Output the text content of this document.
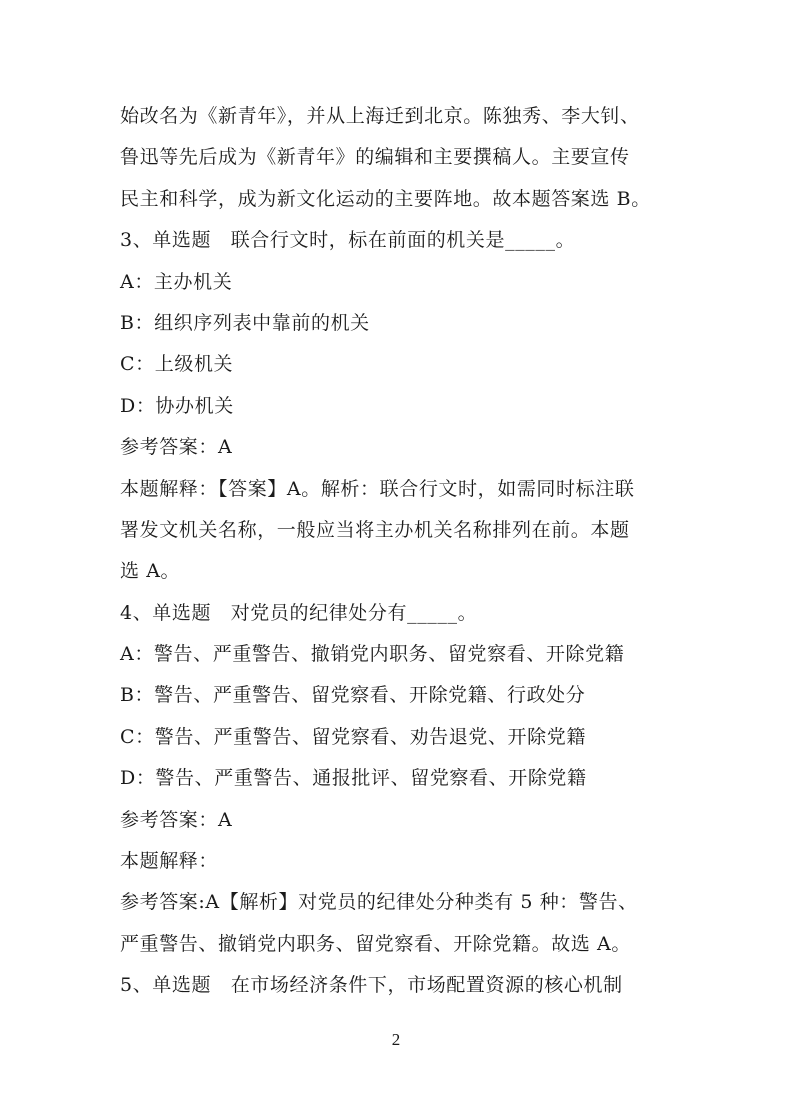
始改名为《新青年》，并从上海迁到北京。陈独秀、李大钊、
鲁迅等先后成为《新青年》的编辑和主要撰稿人。主要宣传
民主和科学，成为新文化运动的主要阵地。故本题答案选 B。
3、单选题　联合行文时，标在前面的机关是_____。
A：主办机关
B：组织序列表中靠前的机关
C：上级机关
D：协办机关
参考答案：A
本题解释：【答案】A。解析：联合行文时，如需同时标注联
署发文机关名称，一般应当将主办机关名称排列在前。本题
选 A。
4、单选题　对党员的纪律处分有_____。
A：警告、严重警告、撤销党内职务、留党察看、开除党籍
B：警告、严重警告、留党察看、开除党籍、行政处分
C：警告、严重警告、留党察看、劝告退党、开除党籍
D：警告、严重警告、通报批评、留党察看、开除党籍
参考答案：A
本题解释：
参考答案:A【解析】对党员的纪律处分种类有 5 种：警告、
严重警告、撤销党内职务、留党察看、开除党籍。故选 A。
5、单选题　在市场经济条件下，市场配置资源的核心机制
2
